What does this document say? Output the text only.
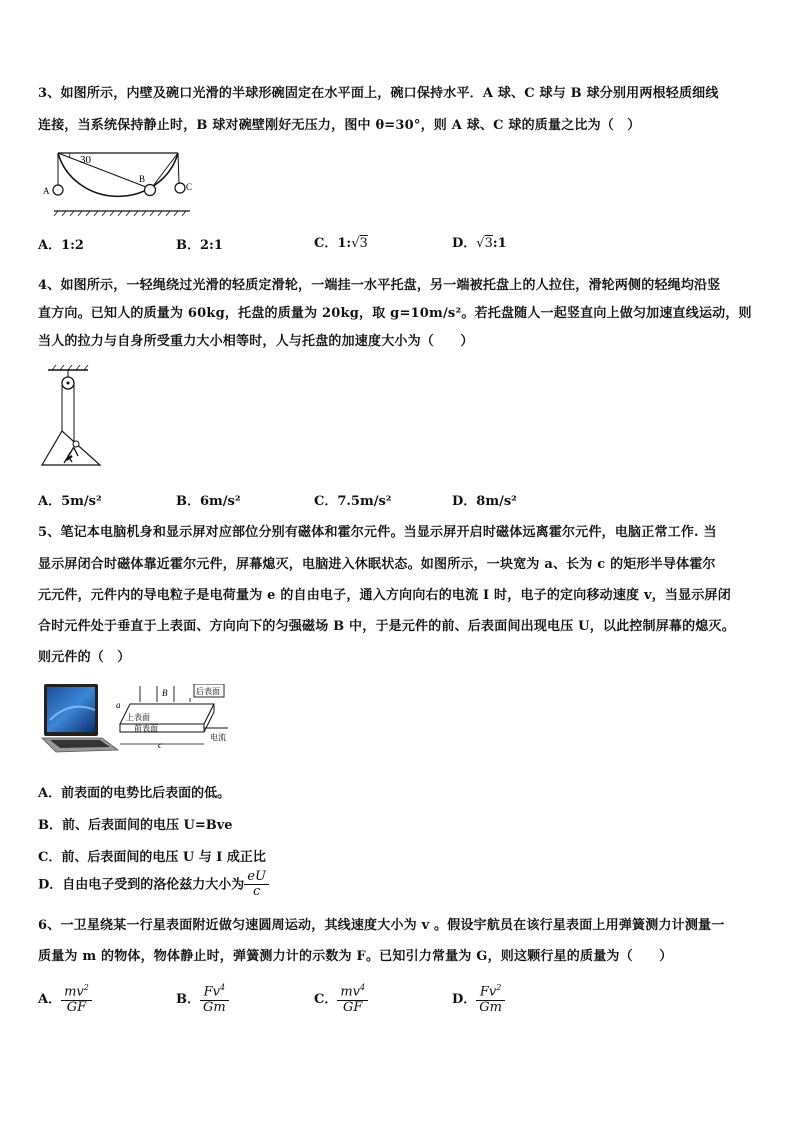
3、如图所示，内壁及碗口光滑的半球形碗固定在水平面上，碗口保持水平．A 球、C 球与 B 球分别用两根轻质细线
连接，当系统保持静止时，B 球对碗壁刚好无压力，图中 θ=30°，则 A 球、C 球的质量之比为（　）
30
A
B
C
A．1:2	B．2:1	C．1:√3	D．√3:1
4、如图所示，一轻绳绕过光滑的轻质定滑轮，一端挂一水平托盘，另一端被托盘上的人拉住，滑轮两侧的轻绳均沿竖
直方向。已知人的质量为 60kg，托盘的质量为 20kg，取 g=10m/s²。若托盘随人一起竖直向上做匀加速直线运动，则
当人的拉力与自身所受重力大小相等时，人与托盘的加速度大小为（　　）
A．5m/s²	B．6m/s²	C．7.5m/s²	D．8m/s²
5、笔记本电脑机身和显示屏对应部位分别有磁体和霍尔元件。当显示屏开启时磁体远离霍尔元件，电脑正常工作. 当
显示屏闭合时磁体靠近霍尔元件，屏幕熄灭，电脑进入休眠状态。如图所示，一块宽为 a、长为 c 的矩形半导体霍尔
元元件，元件内的导电粒子是电荷量为 e 的自由电子，通入方向向右的电流 I 时，电子的定向移动速度 v，当显示屏闭
合时元件处于垂直于上表面、方向向下的匀强磁场 B 中，于是元件的前、后表面间出现电压 U，以此控制屏幕的熄灭。
则元件的（　）
后表面
B
上表面
前表面
a
c
电流
A．前表面的电势比后表面的低。
B．前、后表面间的电压 U=Bve
C．前、后表面间的电压 U 与 I 成正比
D．自由电子受到的洛伦兹力大小为 $\frac{eU}{c}$
6、一卫星绕某一行星表面附近做匀速圆周运动，其线速度大小为 v 。假设宇航员在该行星表面上用弹簧测力计测量一
质量为 m 的物体，物体静止时，弹簧测力计的示数为 F。已知引力常量为 G，则这颗行星的质量为（　　）
A． $\frac{mv^2}{GF}$	B． $\frac{Fv^4}{Gm}$	C． $\frac{mv^4}{GF}$	D． $\frac{Fv^2}{Gm}$
